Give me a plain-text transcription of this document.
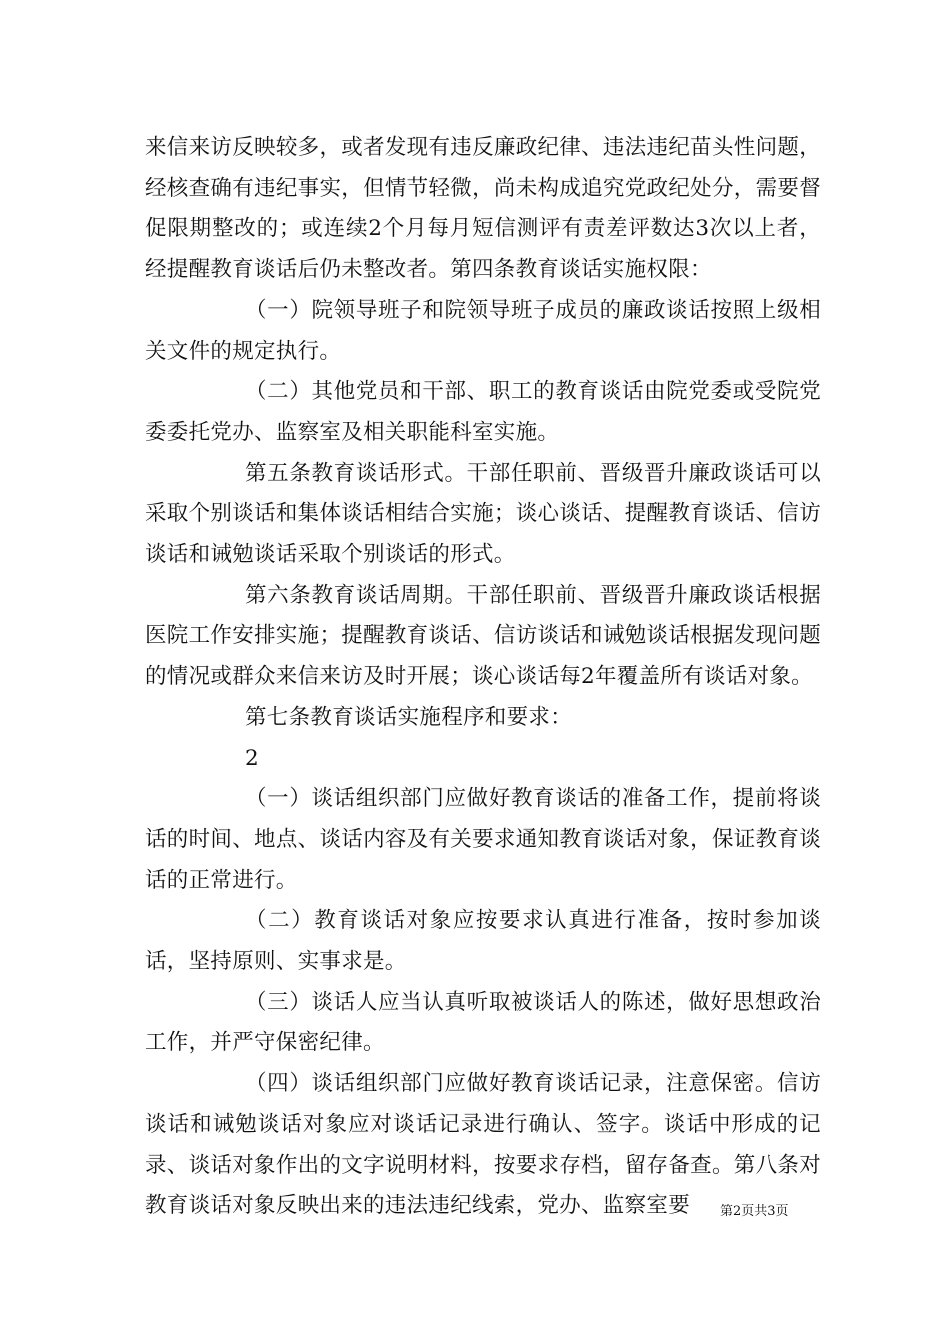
来信来访反映较多，或者发现有违反廉政纪律、违法违纪苗头性问题，经核查确有违纪事实，但情节轻微，尚未构成追究党政纪处分，需要督促限期整改的；或连续2个月每月短信测评有责差评数达3次以上者，经提醒教育谈话后仍未整改者。第四条教育谈话实施权限：

（一）院领导班子和院领导班子成员的廉政谈话按照上级相关文件的规定执行。

（二）其他党员和干部、职工的教育谈话由院党委或受院党委委托党办、监察室及相关职能科室实施。

第五条教育谈话形式。干部任职前、晋级晋升廉政谈话可以采取个别谈话和集体谈话相结合实施；谈心谈话、提醒教育谈话、信访谈话和诫勉谈话采取个别谈话的形式。

第六条教育谈话周期。干部任职前、晋级晋升廉政谈话根据医院工作安排实施；提醒教育谈话、信访谈话和诫勉谈话根据发现问题的情况或群众来信来访及时开展；谈心谈话每2年覆盖所有谈话对象。

第七条教育谈话实施程序和要求：

2

（一）谈话组织部门应做好教育谈话的准备工作，提前将谈话的时间、地点、谈话内容及有关要求通知教育谈话对象，保证教育谈话的正常进行。

（二）教育谈话对象应按要求认真进行准备，按时参加谈话，坚持原则、实事求是。

（三）谈话人应当认真听取被谈话人的陈述，做好思想政治工作，并严守保密纪律。

（四）谈话组织部门应做好教育谈话记录，注意保密。信访谈话和诫勉谈话对象应对谈话记录进行确认、签字。谈话中形成的记录、谈话对象作出的文字说明材料，按要求存档，留存备查。第八条对教育谈话对象反映出来的违法违纪线索，党办、监察室要	第2页共3页
